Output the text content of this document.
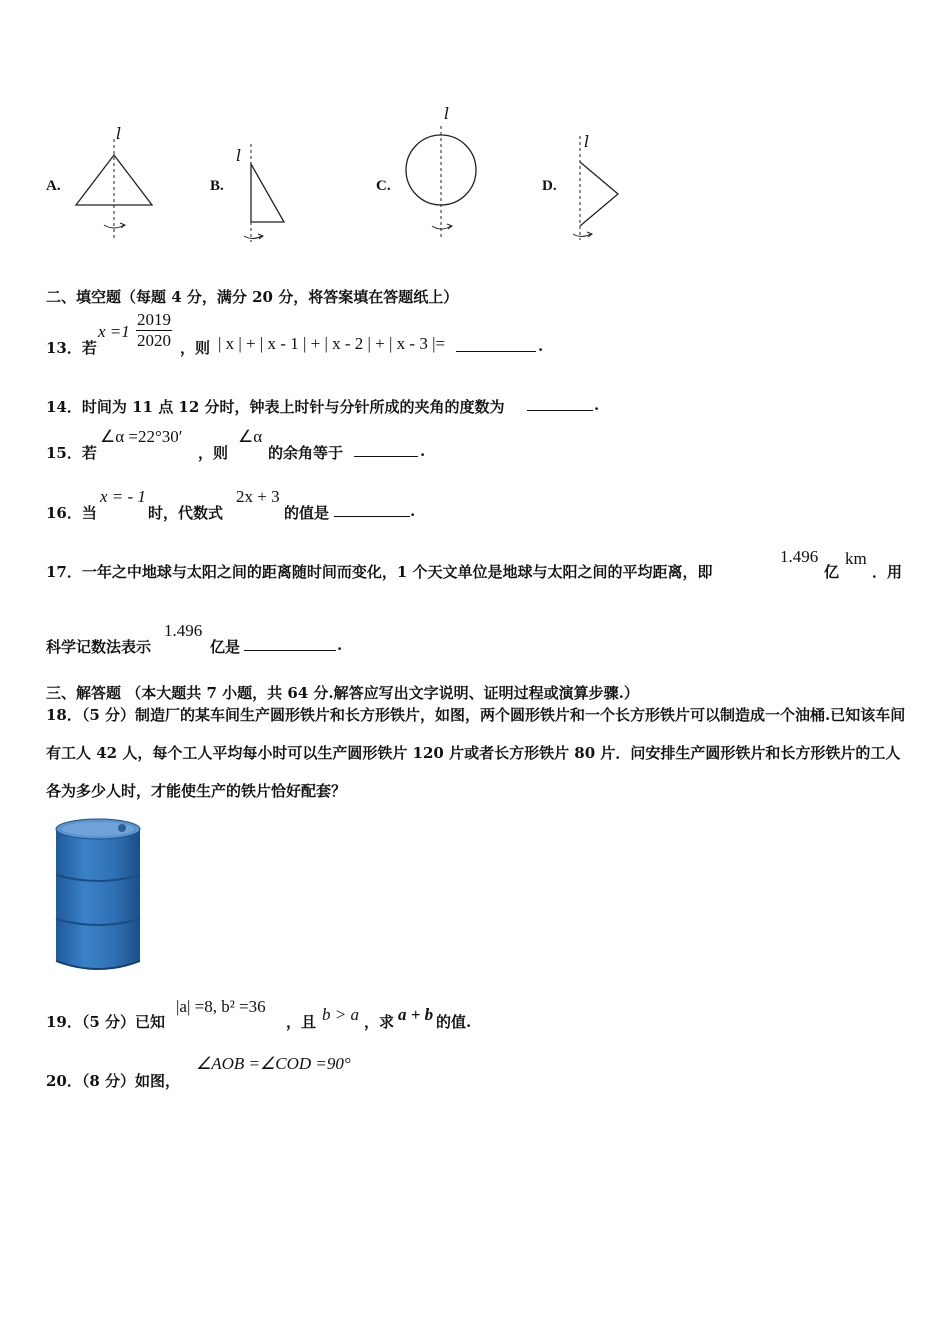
A.
l
B.
l
C.
l
D.
l
二、填空题（每题 4 分，满分 20 分，将答案填在答题纸上）
13．若
$x =1 \frac{2019}{2020}$ ，则 | x | + | x - 1 | + | x - 2 | + | x - 3 |=	.
14．时间为 11 点 12 分时，钟表上时针与分针所成的夹角的度数为	.
15．若
∠α =22°30′
，则
∠α
的余角等于	.
16．当
x = - 1
时，代数式
2x + 3
的值是	.
17．一年之中地球与太阳之间的距离随时间而变化，1 个天文单位是地球与太阳之间的平均距离，即
1.496
亿
km
．用
科学记数法表示
1.496
亿是	.
三、解答题 （本大题共 7 小题，共 64 分.解答应写出文字说明、证明过程或演算步骤.）
18．（5 分）制造厂的某车间生产圆形铁片和长方形铁片，如图，两个圆形铁片和一个长方形铁片可以制造成一个油桶.已知该车间有工人 42 人，每个工人平均每小时可以生产圆形铁片 120 片或者长方形铁片 80 片．问安排生产圆形铁片和长方形铁片的工人各为多少人时，才能使生产的铁片恰好配套？
19．（5 分）已知
|a| =8, b² =36
，且 b > a ，求 a + b 的值.
20．（8 分）如图，
∠AOB =∠COD =90°
